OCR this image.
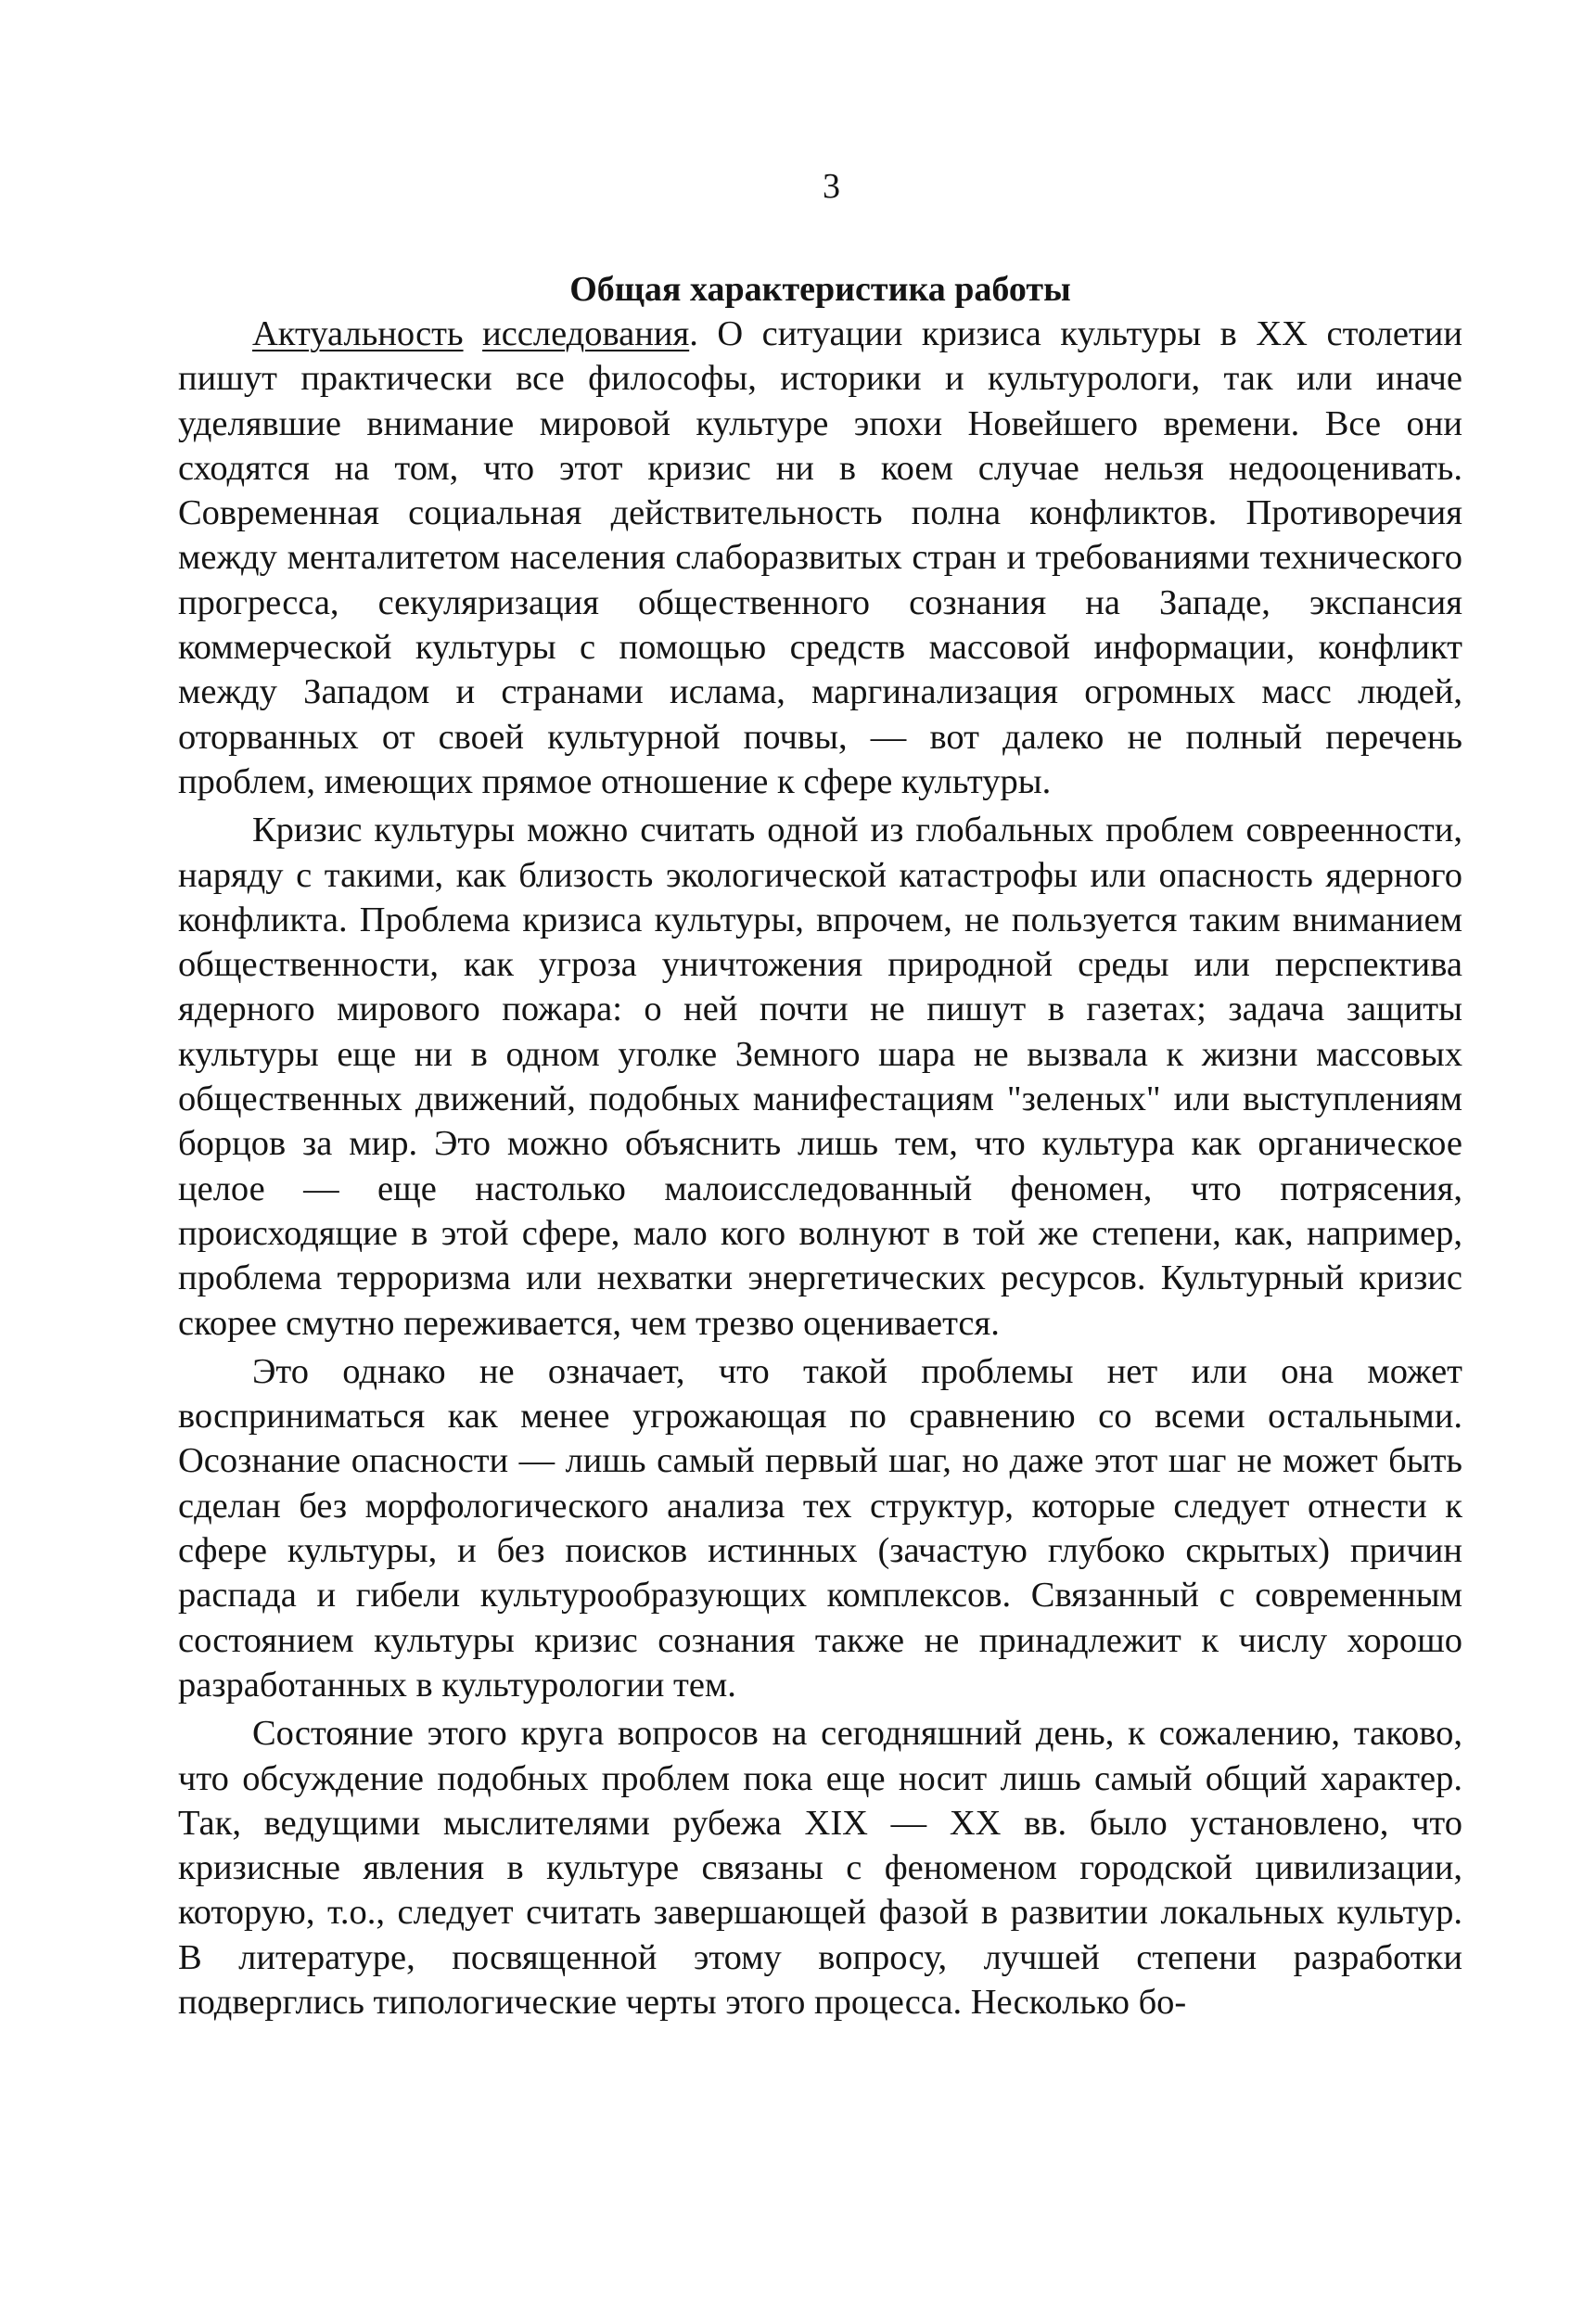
3
Общая характеристика работы

Актуальность исследования. О ситуации кризиса культуры в XX столетии пишут практически все философы, историки и культурологи, так или иначе уделявшие внимание мировой культуре эпохи Новейшего времени. Все они сходятся на том, что этот кризис ни в коем случае нельзя недооценивать. Современная социальная действительность полна конфликтов. Противоречия между менталитетом населения слаборазвитых стран и требованиями технического прогресса, секуляризация общественного сознания на Западе, экспансия коммерческой культуры с помощью средств массовой информации, конфликт между Западом и странами ислама, маргинализация огромных масс людей, оторванных от своей культурной почвы, — вот далеко не полный перечень проблем, имеющих прямое отношение к сфере культуры.

Кризис культуры можно считать одной из глобальных проблем совреенности, наряду с такими, как близость экологической катастрофы или опасность ядерного конфликта. Проблема кризиса культуры, впрочем, не пользуется таким вниманием общественности, как угроза уничтожения природной среды или перспектива ядерного мирового пожара: о ней почти не пишут в газетах; задача защиты культуры еще ни в одном уголке Земного шара не вызвала к жизни массовых общественных движений, подобных манифестациям "зеленых" или выступлениям борцов за мир. Это можно объяснить лишь тем, что культура как органическое целое — еще настолько малоисследованный феномен, что потрясения, происходящие в этой сфере, мало кого волнуют в той же степени, как, например, проблема терроризма или нехватки энергетических ресурсов. Культурный кризис скорее смутно переживается, чем трезво оценивается.

Это однако не означает, что такой проблемы нет или она может восприниматься как менее угрожающая по сравнению со всеми остальными. Осознание опасности — лишь самый первый шаг, но даже этот шаг не может быть сделан без морфологического анализа тех структур, которые следует отнести к сфере культуры, и без поисков истинных (зачастую глубоко скрытых) причин распада и гибели культурообразующих комплексов. Связанный с современным состоянием культуры кризис сознания также не принадлежит к числу хорошо разработанных в культурологии тем.

Состояние этого круга вопросов на сегодняшний день, к сожалению, таково, что обсуждение подобных проблем пока еще носит лишь самый общий характер. Так, ведущими мыслителями рубежа XIX — XX вв. было установлено, что кризисные явления в культуре связаны с феноменом городской цивилизации, которую, т.о., следует считать завершающей фазой в развитии локальных культур. В литературе, посвященной этому вопросу, лучшей степени разработки подверглись типологические черты этого процесса. Несколько бо-
